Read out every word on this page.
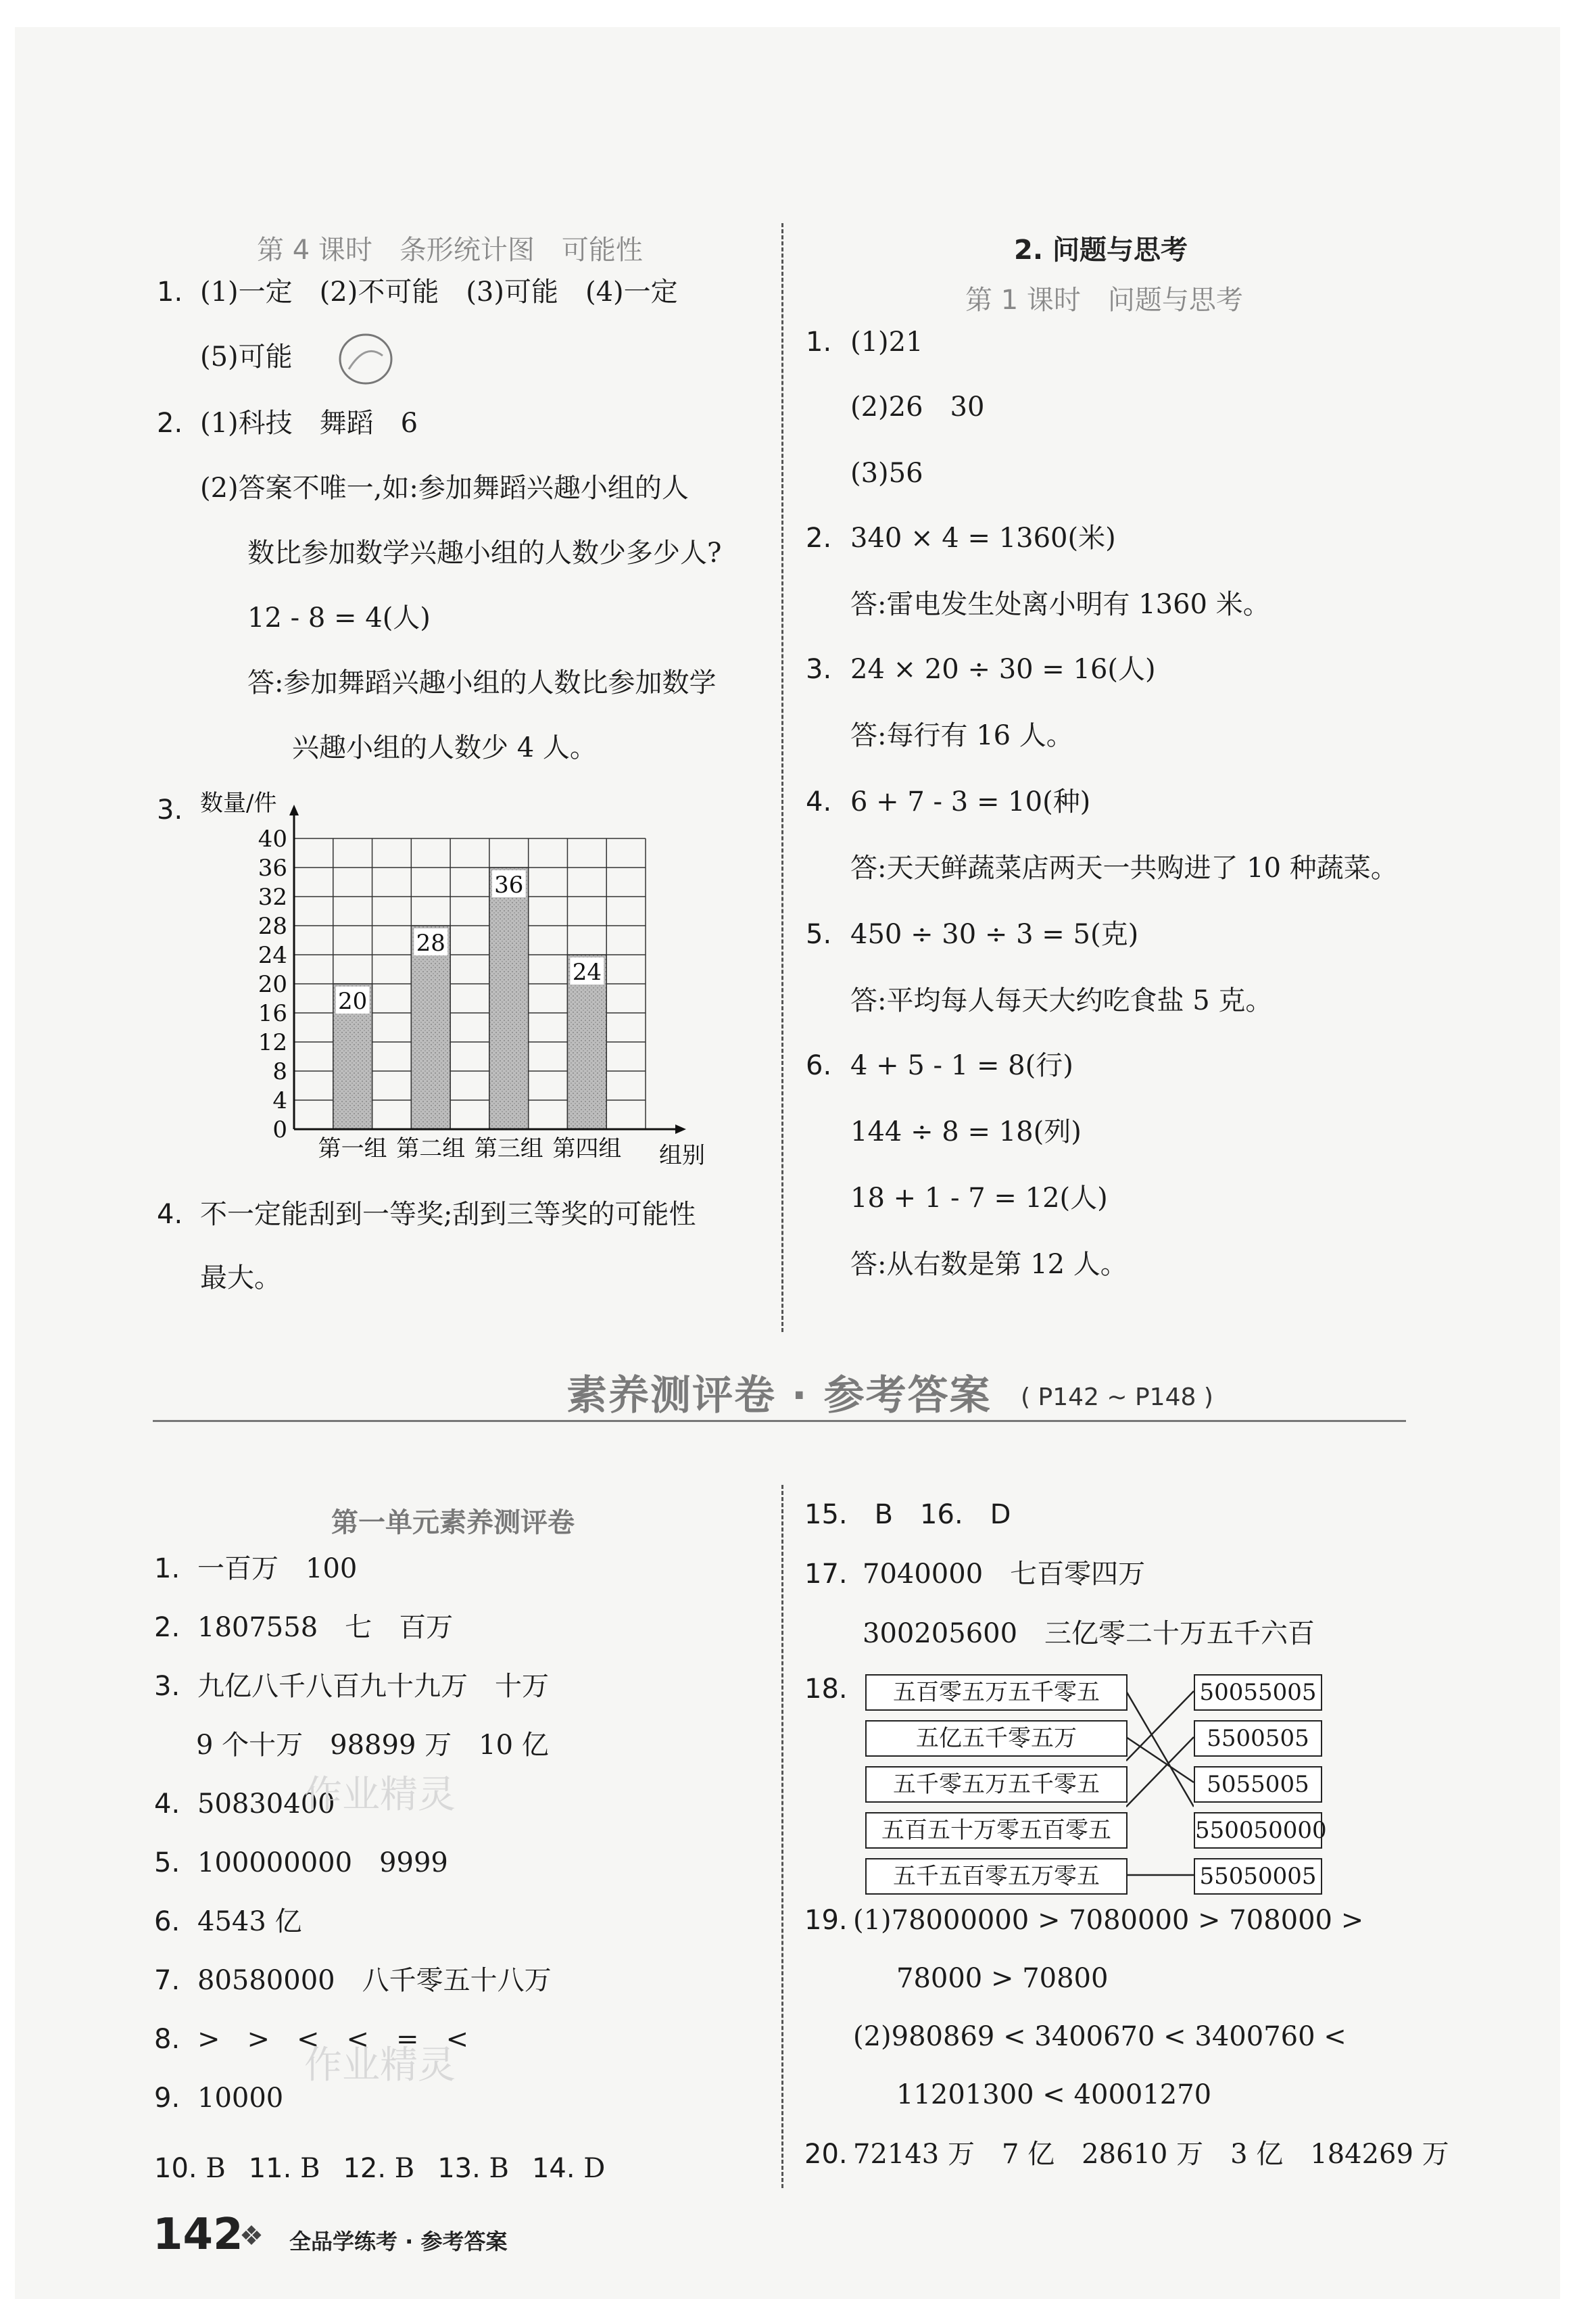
第 4 课时　条形统计图　可能性
1. (1)一定　(2)不可能　(3)可能　(4)一定
(5)可能
2. (1)科技　舞蹈　6
(2)答案不唯一,如:参加舞蹈兴趣小组的人
数比参加数学兴趣小组的人数少多少人?
12 - 8 = 4(人)
答:参加舞蹈兴趣小组的人数比参加数学
兴趣小组的人数少 4 人。
3.
0
4
8
12
16
20
24
28
32
36
40
20
第一组
28
第二组
36
第三组
24
第四组
数量/件
组别
4. 不一定能刮到一等奖;刮到三等奖的可能性
最大。
2. 问题与思考
第 1 课时　问题与思考
1. (1)21
(2)26　30
(3)56
2. 340 × 4 = 1360(米)
答:雷电发生处离小明有 1360 米。
3. 24 × 20 ÷ 30 = 16(人)
答:每行有 16 人。
4. 6 + 7 - 3 = 10(种)
答:天天鲜蔬菜店两天一共购进了 10 种蔬菜。
5. 450 ÷ 30 ÷ 3 = 5(克)
答:平均每人每天大约吃食盐 5 克。
6. 4 + 5 - 1 = 8(行)
144 ÷ 8 = 18(列)
18 + 1 - 7 = 12(人)
答:从右数是第 12 人。
素养测评卷 · 参考答案 ( P142 ~ P148 )
第一单元素养测评卷
1. 一百万　100
2. 1807558　七　百万
3. 九亿八千八百九十九万　十万
9 个十万　98899 万　10 亿
4. 50830400
5. 100000000　9999
6. 4543 亿
7. 80580000　八千零五十八万
8. >　>　<　<　=　<
9. 10000
10. B 11. B 12. B 13. B 14. D
作业精灵
作业精灵
15.　B　16.　D
17. 7040000　七百零四万
300205600　三亿零二十万五千六百
18.	五百零五万五千零五
五亿五千零五万
五千零五万五千零五
五百五十万零五百零五
五千五百零五万零五
50055005
5500505
5055005
550050000
55050005
19. (1)78000000 > 7080000 > 708000 >
78000 > 70800
(2)980869 < 3400670 < 3400760 <
11201300 < 40001270
20. 72143 万　7 亿　28610 万　3 亿　184269 万
142
❖ 全品学练考 · 参考答案
